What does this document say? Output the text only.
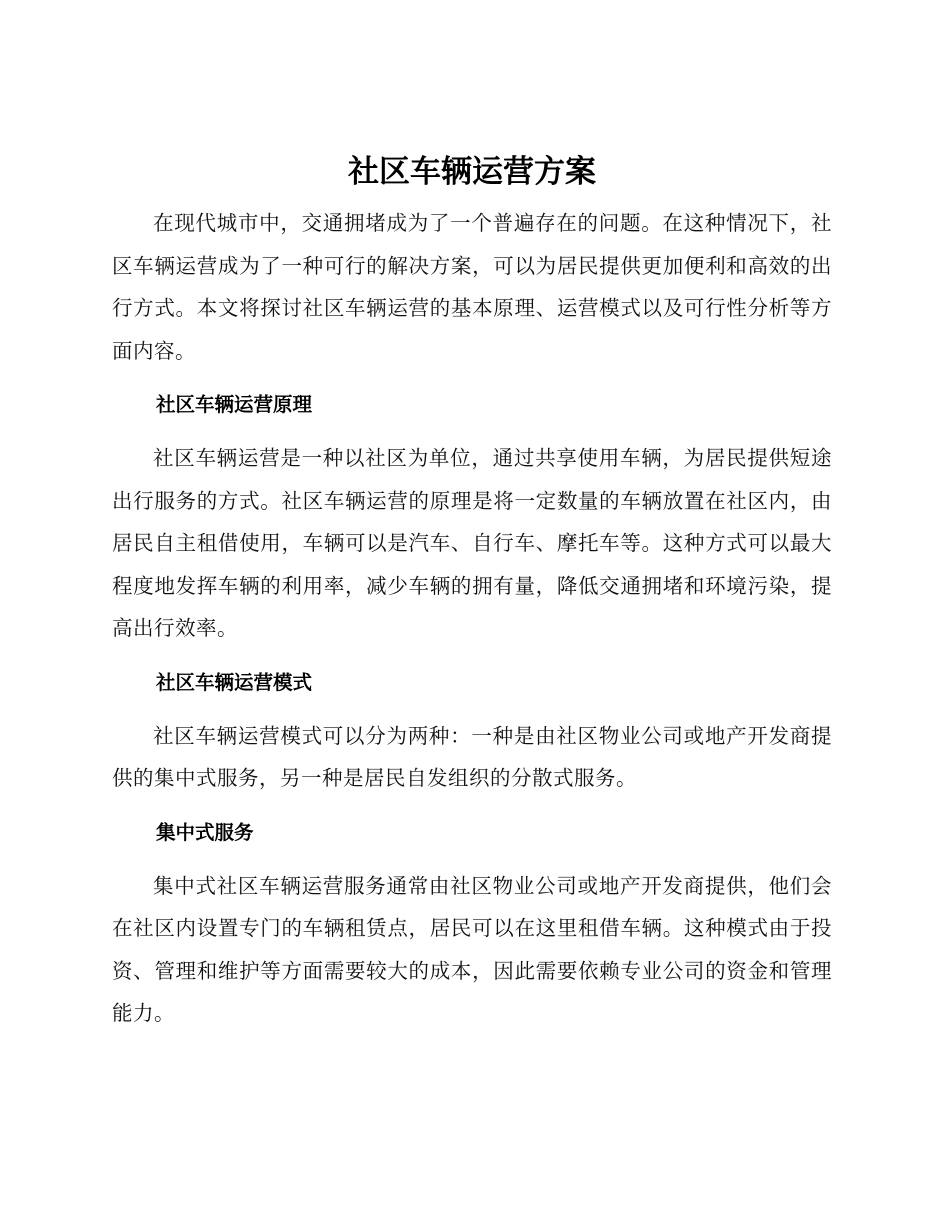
社区车辆运营方案

在现代城市中，交通拥堵成为了一个普遍存在的问题。在这种情况下，社区车辆运营成为了一种可行的解决方案，可以为居民提供更加便利和高效的出行方式。本文将探讨社区车辆运营的基本原理、运营模式以及可行性分析等方面内容。

社区车辆运营原理

社区车辆运营是一种以社区为单位，通过共享使用车辆，为居民提供短途出行服务的方式。社区车辆运营的原理是将一定数量的车辆放置在社区内，由居民自主租借使用，车辆可以是汽车、自行车、摩托车等。这种方式可以最大程度地发挥车辆的利用率，减少车辆的拥有量，降低交通拥堵和环境污染，提高出行效率。

社区车辆运营模式

社区车辆运营模式可以分为两种：一种是由社区物业公司或地产开发商提供的集中式服务，另一种是居民自发组织的分散式服务。

集中式服务

集中式社区车辆运营服务通常由社区物业公司或地产开发商提供，他们会在社区内设置专门的车辆租赁点，居民可以在这里租借车辆。这种模式由于投资、管理和维护等方面需要较大的成本，因此需要依赖专业公司的资金和管理能力。
